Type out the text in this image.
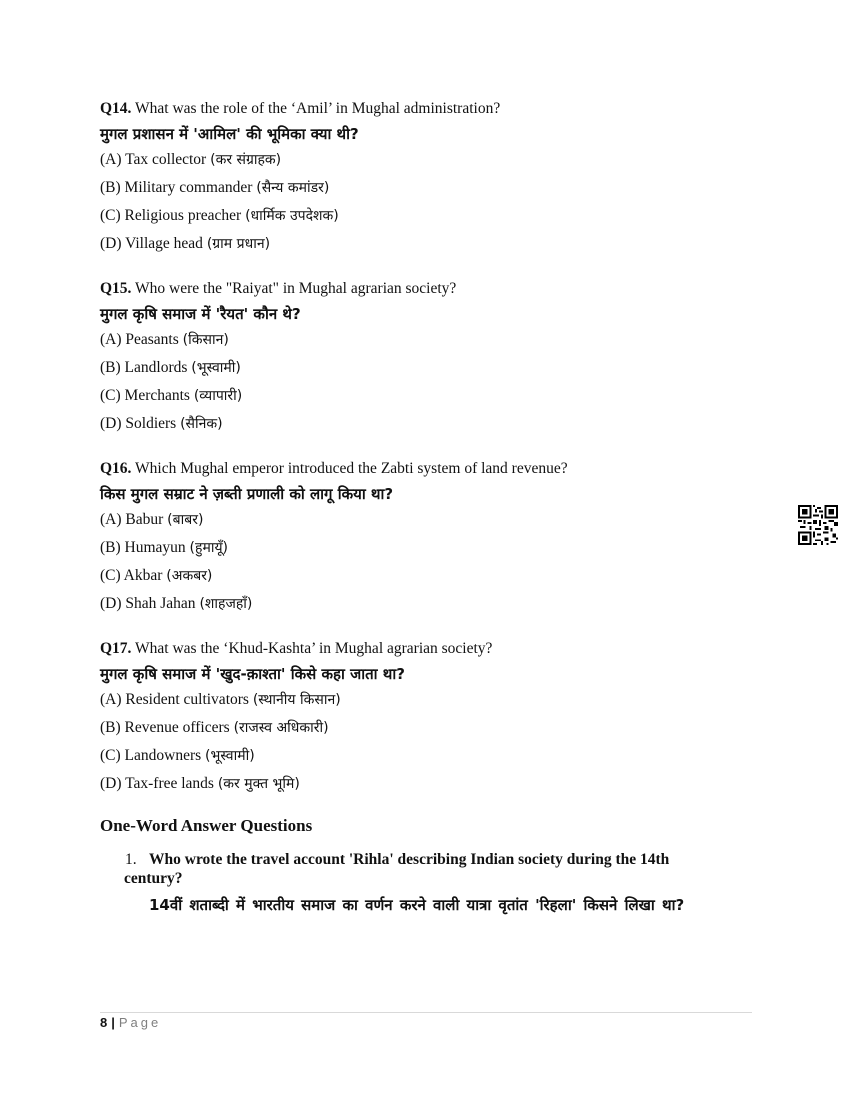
Q14. What was the role of the ‘Amil’ in Mughal administration?
मुगल प्रशासन में 'आमिल' की भूमिका क्या थी?
(A) Tax collector (कर संग्राहक)
(B) Military commander (सैन्य कमांडर)
(C) Religious preacher (धार्मिक उपदेशक)
(D) Village head (ग्राम प्रधान)
Q15. Who were the "Raiyat" in Mughal agrarian society?
मुगल कृषि समाज में 'रैयत' कौन थे?
(A) Peasants (किसान)
(B) Landlords (भूस्वामी)
(C) Merchants (व्यापारी)
(D) Soldiers (सैनिक)
Q16. Which Mughal emperor introduced the Zabti system of land revenue?
किस मुगल सम्राट ने ज़ब्ती प्रणाली को लागू किया था?
(A) Babur (बाबर)
(B) Humayun (हुमायूँ)
(C) Akbar (अकबर)
(D) Shah Jahan (शाहजहाँ)
Q17. What was the ‘Khud-Kashta’ in Mughal agrarian society?
मुगल कृषि समाज में 'खुद-क़ाश्ता' किसे कहा जाता था?
(A) Resident cultivators (स्थानीय किसान)
(B) Revenue officers (राजस्व अधिकारी)
(C) Landowners (भूस्वामी)
(D) Tax-free lands (कर मुक्त भूमि)
One-Word Answer Questions
1. Who wrote the travel account 'Rihla' describing Indian society during the 14th
century?
14वीं शताब्दी में भारतीय समाज का वर्णन करने वाली यात्रा वृतांत 'रिहला' किसने लिखा था?
8 | Page
